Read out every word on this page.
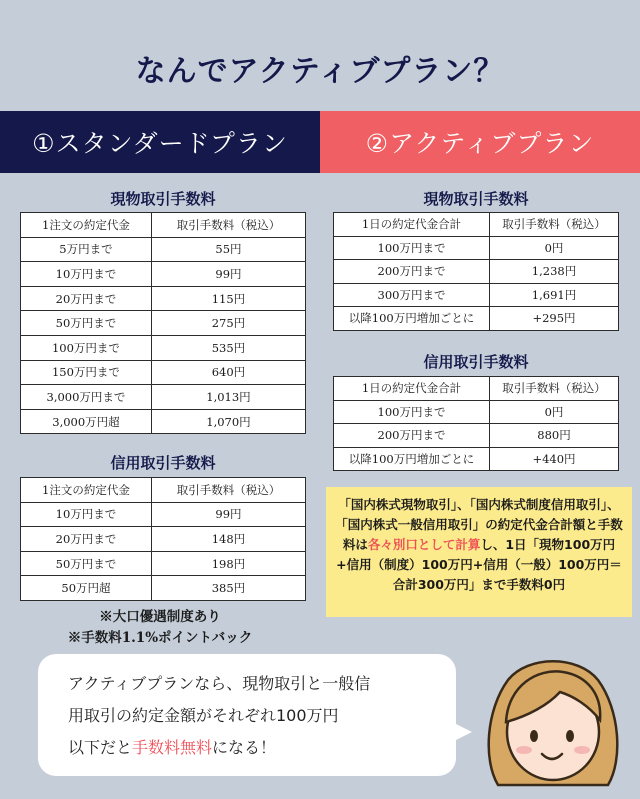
なんでアクティブプラン？
①スタンダードプラン	②アクティブプラン
現物取引手数料
1注文の約定代金	取引手数料（税込）
5万円まで	55円
10万円まで	99円
20万円まで	115円
50万円まで	275円
100万円まで	535円
150万円まで	640円
3,000万円まで	1,013円
3,000万円超	1,070円
信用取引手数料
1注文の約定代金	取引手数料（税込）
10万円まで	99円
20万円まで	148円
50万円まで	198円
50万円超	385円
※大口優遇制度あり
※手数料1.1%ポイントバック
現物取引手数料
1日の約定代金合計	取引手数料（税込）
100万円まで	0円
200万円まで	1,238円
300万円まで	1,691円
以降100万円増加ごとに	+295円
信用取引手数料
1日の約定代金合計	取引手数料（税込）
100万円まで	0円
200万円まで	880円
以降100万円増加ごとに	+440円
「国内株式現物取引」、「国内株式制度信用取引」、「国内株式一般信用取引」の約定代金合計額と手数料は各々別口として計算し、1日「現物100万円+信用（制度）100万円+信用（一般）100万円＝合計300万円」まで手数料0円
アクティブプランなら、現物取引と一般信
用取引の約定金額がそれぞれ100万円
以下だと手数料無料になる！
